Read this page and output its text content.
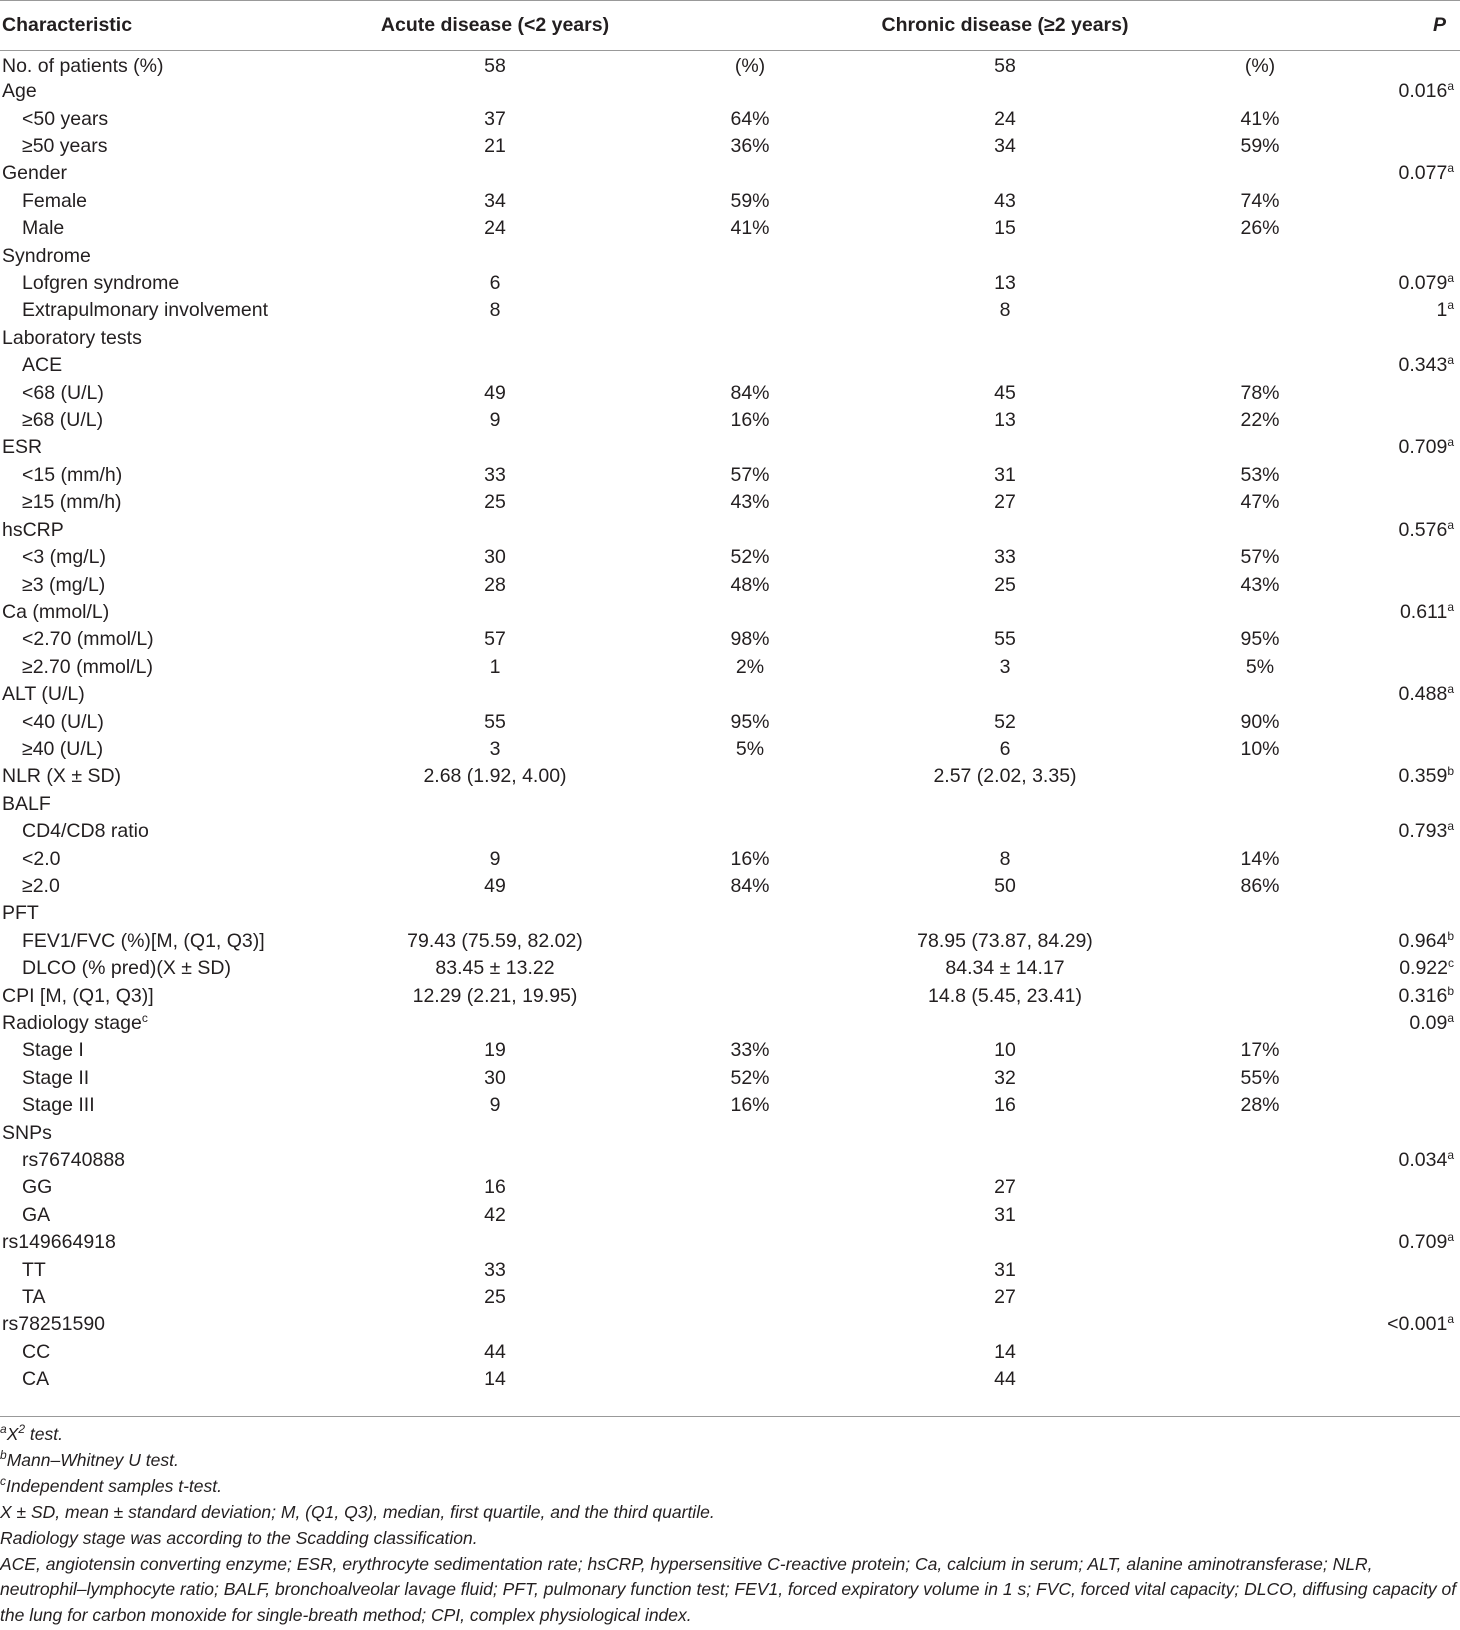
Characteristic	Acute disease (<2 years)		Chronic disease (≥2 years)		P
No. of patients (%)	58	(%)	58	(%)	
Age					0.016$^a$
<50 years	37	64%	24	41%	
≥50 years	21	36%	34	59%	
Gender					0.077$^a$
Female	34	59%	43	74%	
Male	24	41%	15	26%	
Syndrome					
Lofgren syndrome	6		13		0.079$^a$
Extrapulmonary involvement	8		8		1$^a$
Laboratory tests					
ACE					0.343$^a$
<68 (U/L)	49	84%	45	78%	
≥68 (U/L)	9	16%	13	22%	
ESR					0.709$^a$
<15 (mm/h)	33	57%	31	53%	
≥15 (mm/h)	25	43%	27	47%	
hsCRP					0.576$^a$
<3 (mg/L)	30	52%	33	57%	
≥3 (mg/L)	28	48%	25	43%	
Ca (mmol/L)					0.611$^a$
<2.70 (mmol/L)	57	98%	55	95%	
≥2.70 (mmol/L)	1	2%	3	5%	
ALT (U/L)					0.488$^a$
<40 (U/L)	55	95%	52	90%	
≥40 (U/L)	3	5%	6	10%	
NLR (X ± SD)	2.68 (1.92, 4.00)		2.57 (2.02, 3.35)		0.359$^b$
BALF					
CD4/CD8 ratio					0.793$^a$
<2.0	9	16%	8	14%	
≥2.0	49	84%	50	86%	
PFT					
FEV1/FVC (%)[M, (Q1, Q3)]	79.43 (75.59, 82.02)		78.95 (73.87, 84.29)		0.964$^b$
DLCO (% pred)(X ± SD)	83.45 ± 13.22		84.34 ± 14.17		0.922$^c$
CPI [M, (Q1, Q3)]	12.29 (2.21, 19.95)		14.8 (5.45, 23.41)		0.316$^b$
Radiology stage$^c$					0.09$^a$
Stage I	19	33%	10	17%	
Stage II	30	52%	32	55%	
Stage III	9	16%	16	28%	
SNPs					
rs76740888					0.034$^a$
GG	16		27		
GA	42		31		
rs149664918					0.709$^a$
TT	33		31		
TA	25		27		
rs78251590					<0.001$^a$
CC	44		14		
CA	14		44		

$^aX^2$ test.

$^b$Mann–Whitney U test.

$^c$Independent samples t-test.

X ± SD, mean ± standard deviation; M, (Q1, Q3), median, first quartile, and the third quartile.

Radiology stage was according to the Scadding classification.

ACE, angiotensin converting enzyme; ESR, erythrocyte sedimentation rate; hsCRP, hypersensitive C-reactive protein; Ca, calcium in serum; ALT, alanine aminotransferase; NLR, neutrophil–lymphocyte ratio; BALF, bronchoalveolar lavage fluid; PFT, pulmonary function test; FEV1, forced expiratory volume in 1 s; FVC, forced vital capacity; DLCO, diffusing capacity of the lung for carbon monoxide for single-breath method; CPI, complex physiological index.
